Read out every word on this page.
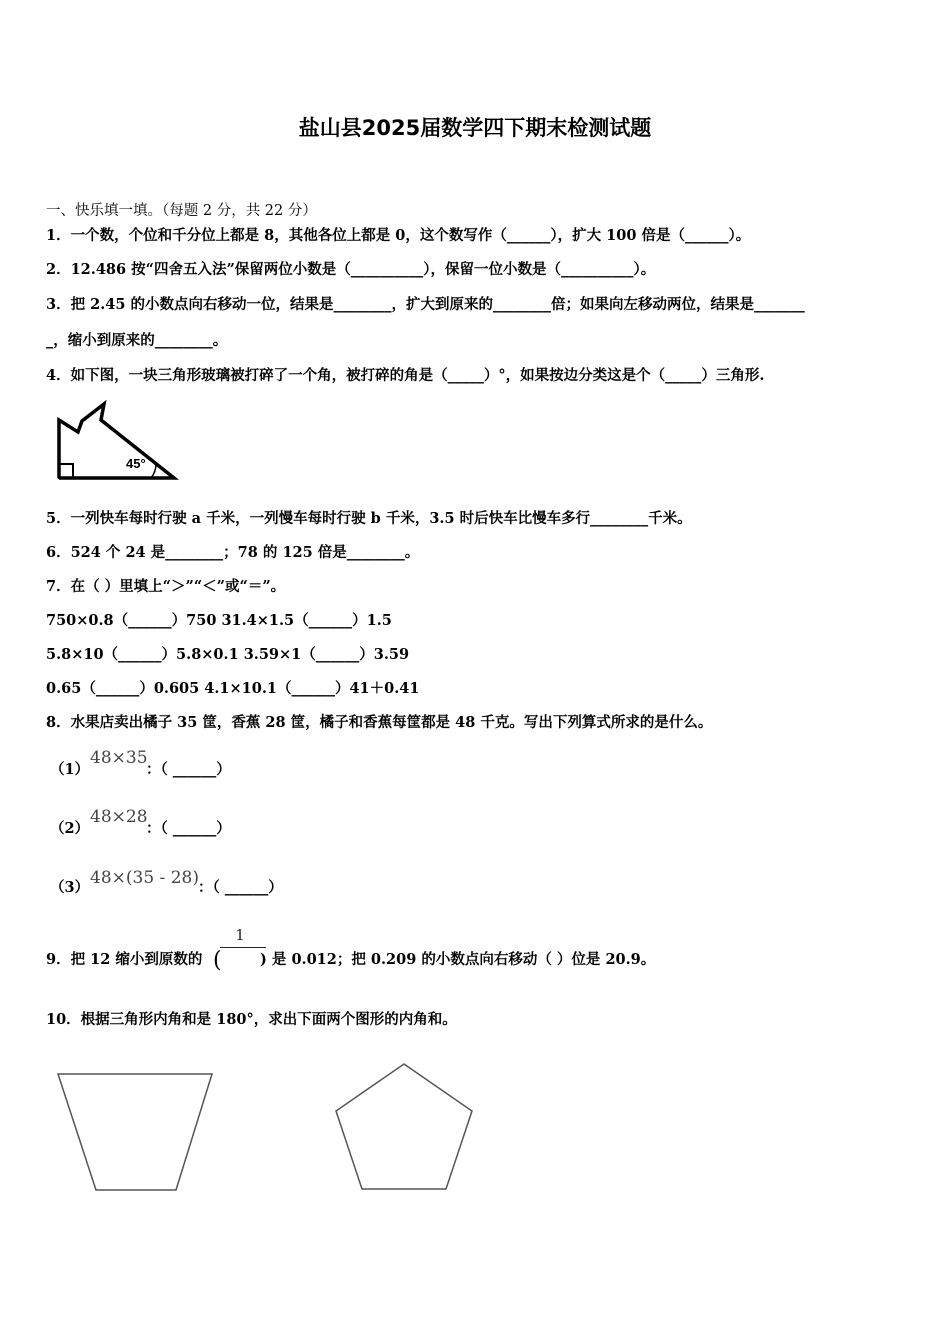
盐山县2025届数学四下期末检测试题
一、快乐填一填。（每题 2 分，共 22 分）
1．一个数，个位和千分位上都是 8，其他各位上都是 0，这个数写作（______），扩大 100 倍是（______）。
2．12.486 按“四舍五入法”保留两位小数是（__________），保留一位小数是（__________）。
3．把 2.45 的小数点向右移动一位，结果是________，扩大到原来的________倍；如果向左移动两位，结果是_______
_，缩小到原来的________。
4．如下图，一块三角形玻璃被打碎了一个角，被打碎的角是（_____）°，如果按边分类这是个（_____）三角形.
45°
5．一列快车每时行驶 a 千米，一列慢车每时行驶 b 千米，3.5 时后快车比慢车多行________千米。
6．524 个 24 是________；78 的 125 倍是________。
7．在（ ）里填上“＞”“＜”或“＝”。
750×0.8（______）750 31.4×1.5（______）1.5
5.8×10（______）5.8×0.1 3.59×1（______）3.59
0.65（______）0.605 4.1×10.1（______）41＋0.41
8．水果店卖出橘子 35 筐，香蕉 28 筐，橘子和香蕉每筐都是 48 千克。写出下列算式所求的是什么。
（1）
48×35
：（ ______）
（2）
48×28
：（ ______）
（3） 48×(35 - 28) ：（ ______）
9．把 12 缩小到原数的
1
(	) 是 0.012；把 0.209 的小数点向右移动（ ）位是 20.9。
10．根据三角形内角和是 180°，求出下面两个图形的内角和。
